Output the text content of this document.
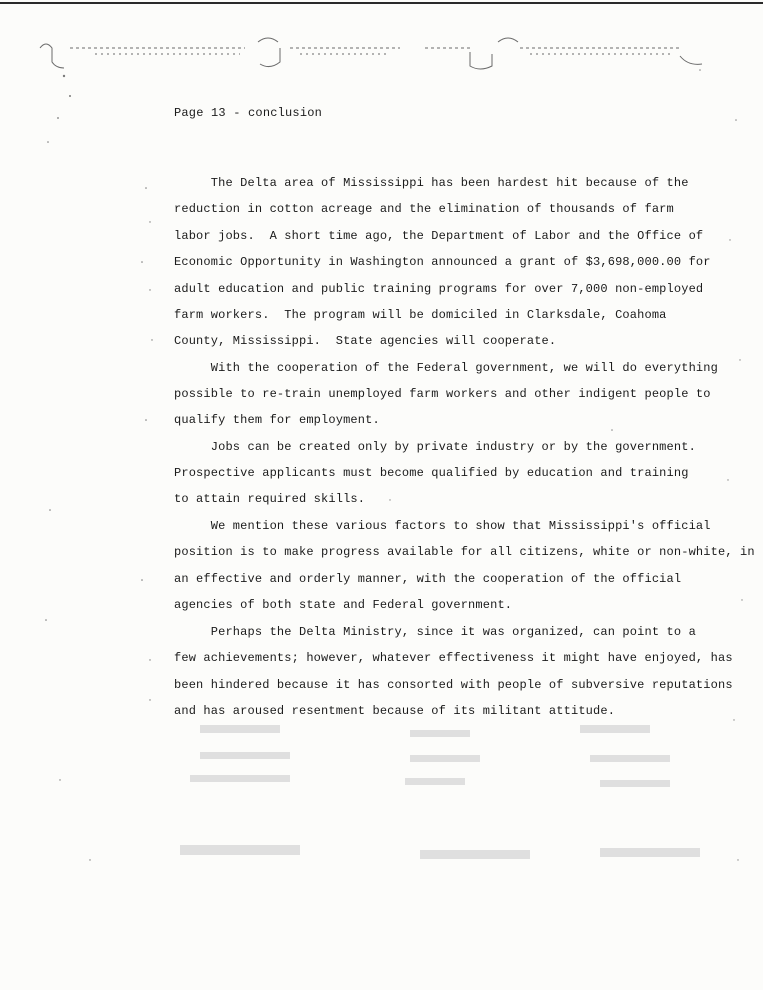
Page 13 - conclusion
The Delta area of Mississippi has been hardest hit because of the
reduction in cotton acreage and the elimination of thousands of farm
labor jobs.  A short time ago, the Department of Labor and the Office of
Economic Opportunity in Washington announced a grant of $3,698,000.00 for
adult education and public training programs for over 7,000 non-employed
farm workers.  The program will be domiciled in Clarksdale, Coahoma
County, Mississippi.  State agencies will cooperate.
With the cooperation of the Federal government, we will do everything
possible to re-train unemployed farm workers and other indigent people to
qualify them for employment.
Jobs can be created only by private industry or by the government.
Prospective applicants must become qualified by education and training
to attain required skills.
We mention these various factors to show that Mississippi's official
position is to make progress available for all citizens, white or non-white, in
an effective and orderly manner, with the cooperation of the official
agencies of both state and Federal government.
Perhaps the Delta Ministry, since it was organized, can point to a
few achievements; however, whatever effectiveness it might have enjoyed, has
been hindered because it has consorted with people of subversive reputations
and has aroused resentment because of its militant attitude.
